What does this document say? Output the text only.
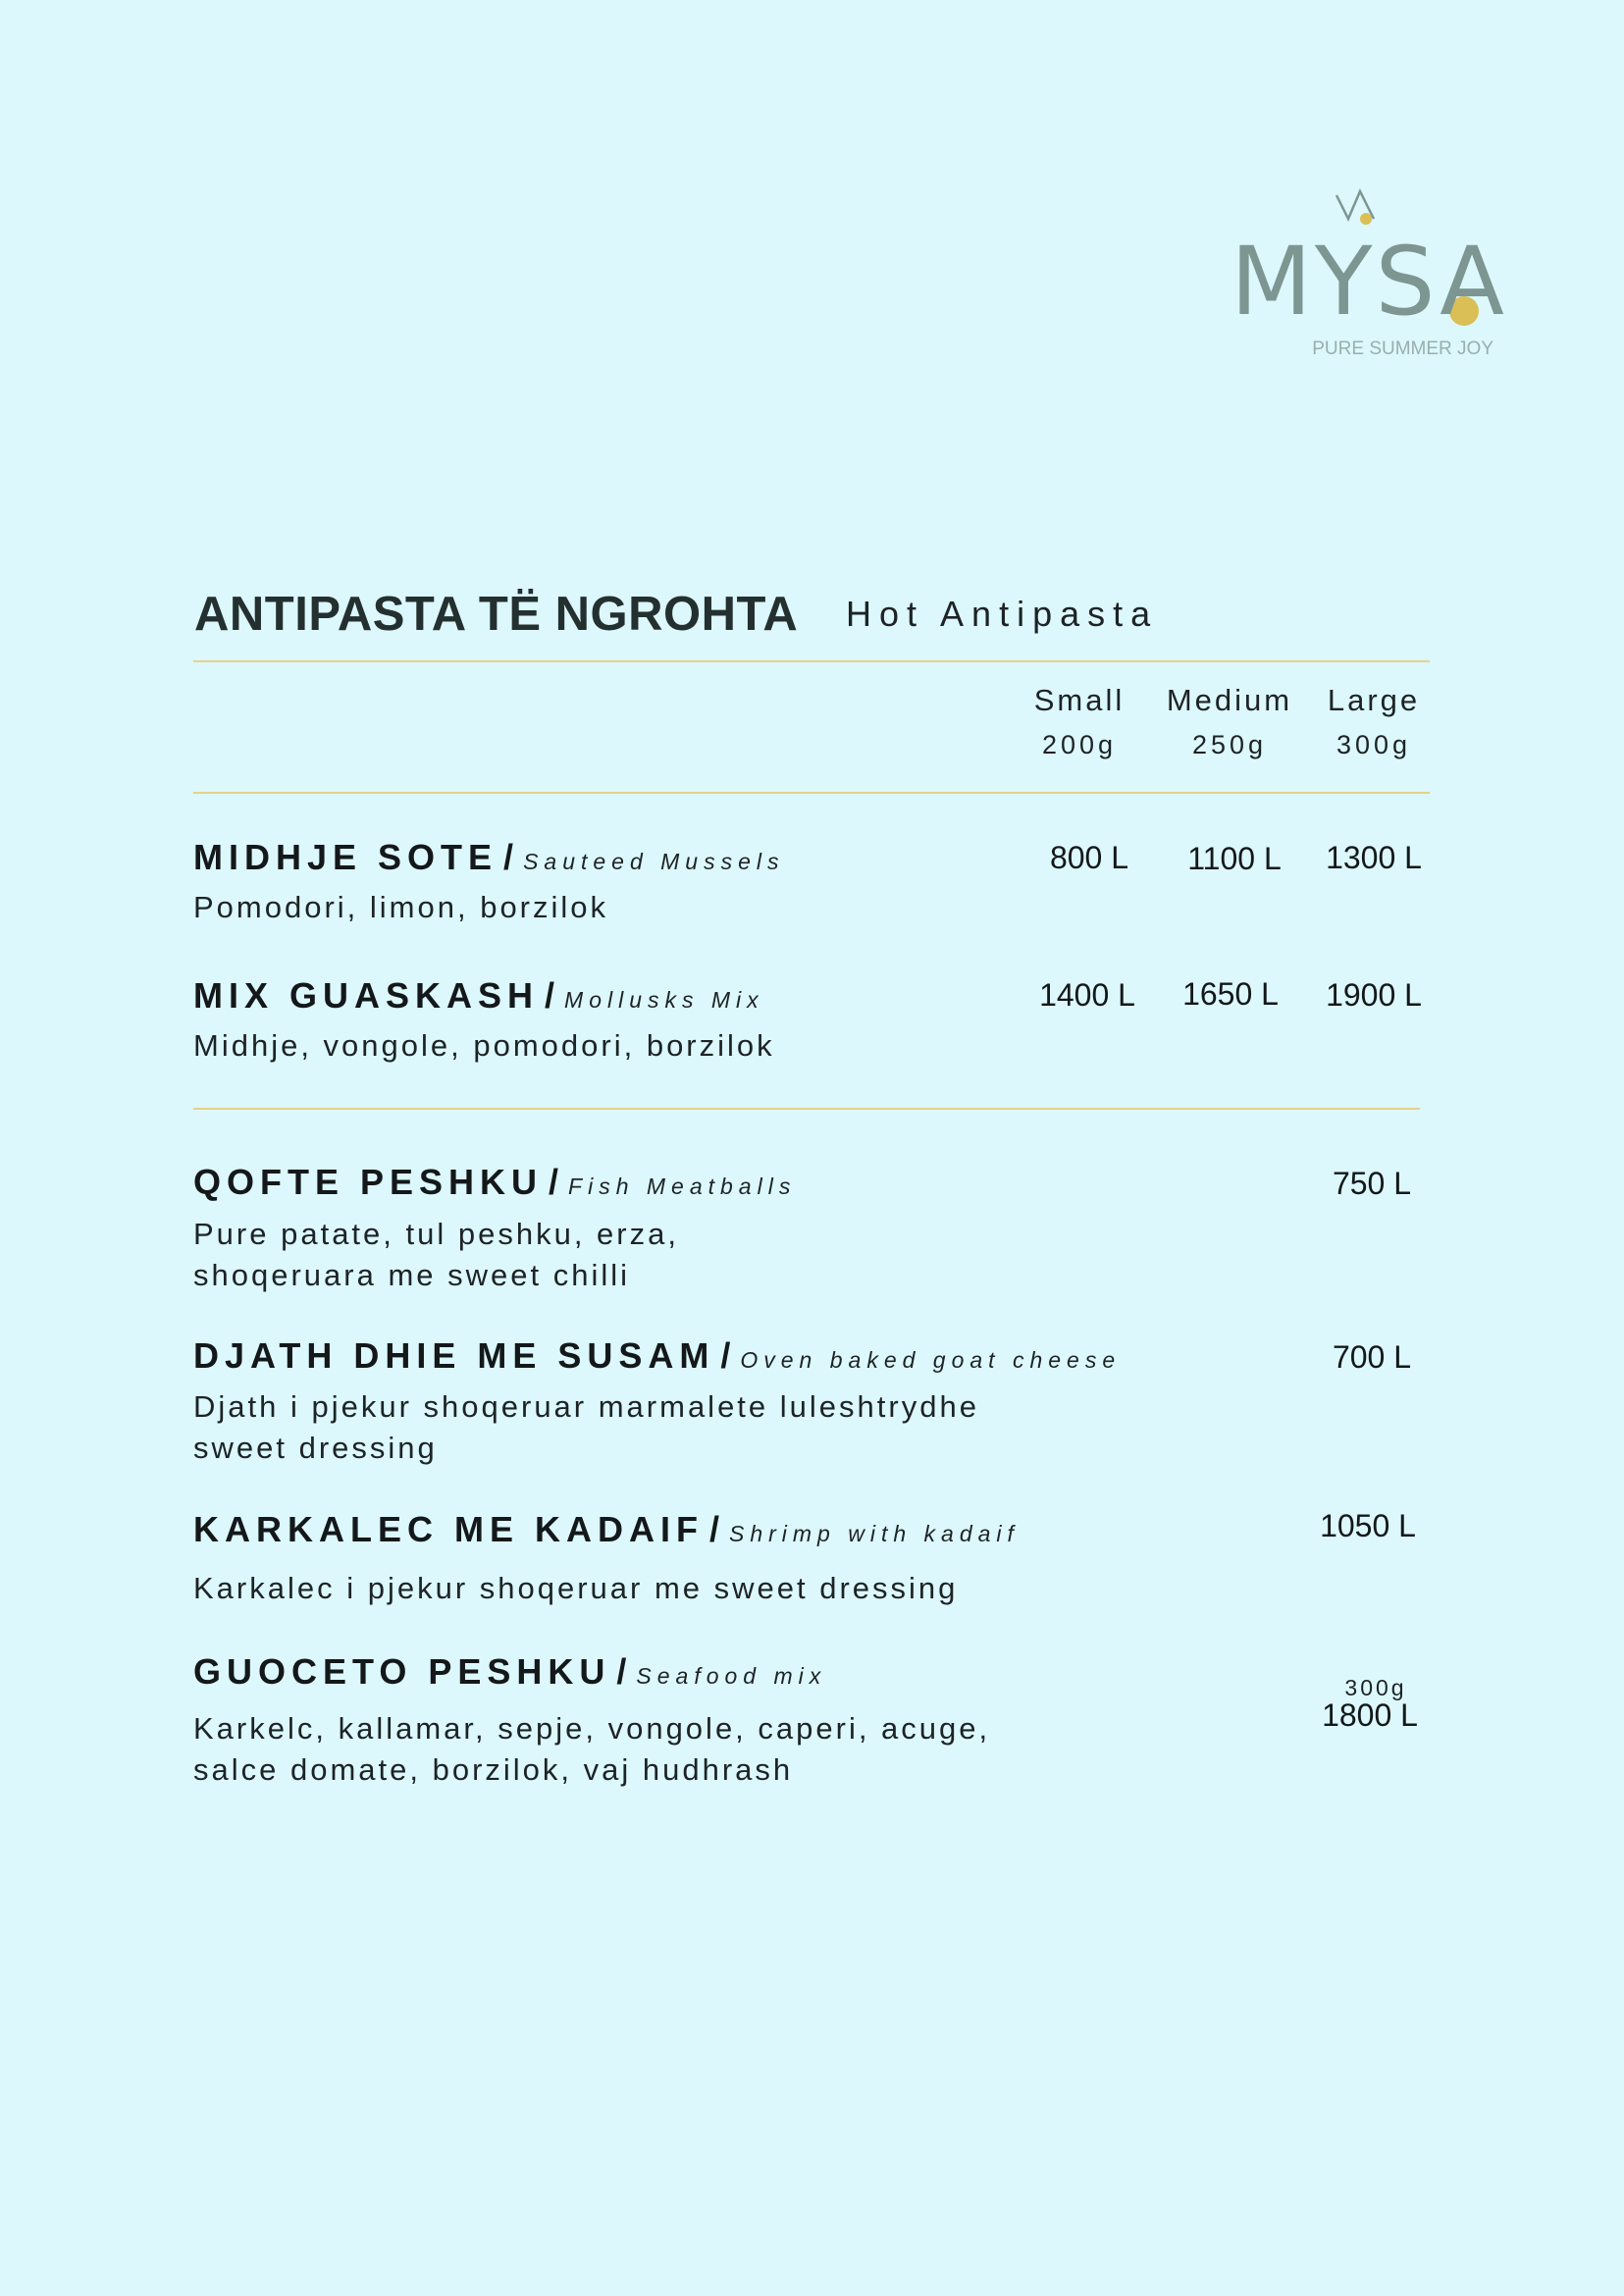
MYSA
PURE SUMMER JOY
ANTIPASTA TË NGROHTA Hot Antipasta
Small	Medium	Large
200g	250g	300g
MIDHJE SOTE / Sauteed Mussels
Pomodori, limon, borzilok
800 L	1100 L	1300 L
MIX GUASKASH / Mollusks Mix
Midhje, vongole, pomodori, borzilok
1400 L	1650 L	1900 L
QOFTE PESHKU / Fish Meatballs
Pure patate, tul peshku, erza,
shoqeruara me sweet chilli
750 L
DJATH DHIE ME SUSAM / Oven baked goat cheese
Djath i pjekur shoqeruar marmalete luleshtrydhe
sweet dressing
700 L
KARKALEC ME KADAIF / Shrimp with kadaif
Karkalec i pjekur shoqeruar me sweet dressing
1050 L
GUOCETO PESHKU / Seafood mix
Karkelc, kallamar, sepje, vongole, caperi, acuge,
salce domate, borzilok, vaj hudhrash
300g
1800 L
